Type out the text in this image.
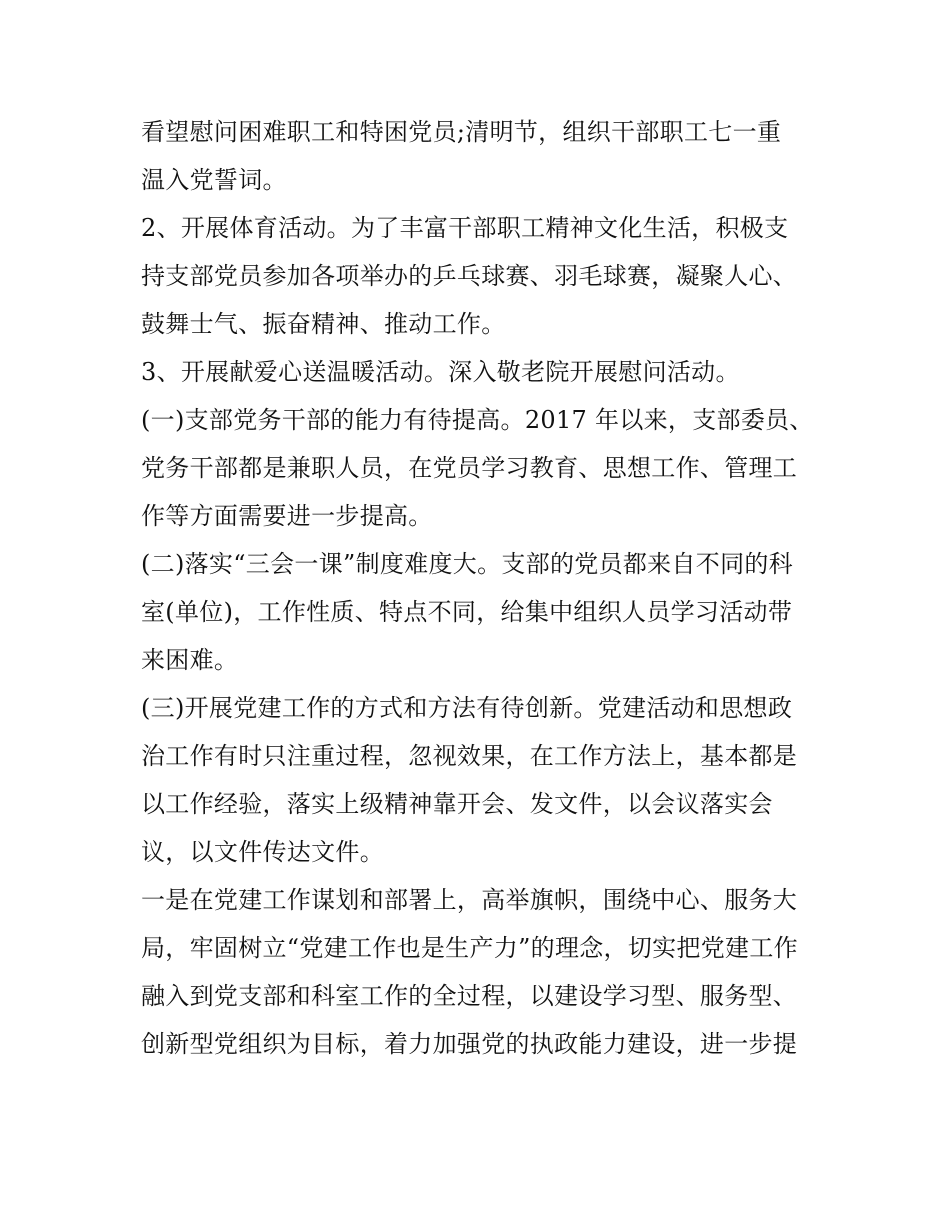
看望慰问困难职工和特困党员;清明节，组织干部职工七一重
温入党誓词。
2、开展体育活动。为了丰富干部职工精神文化生活，积极支
持支部党员参加各项举办的乒乓球赛、羽毛球赛，凝聚人心、
鼓舞士气、振奋精神、推动工作。
3、开展献爱心送温暖活动。深入敬老院开展慰问活动。
(一)支部党务干部的能力有待提高。2017 年以来，支部委员、
党务干部都是兼职人员，在党员学习教育、思想工作、管理工
作等方面需要进一步提高。
(二)落实“三会一课”制度难度大。支部的党员都来自不同的科
室(单位)，工作性质、特点不同，给集中组织人员学习活动带
来困难。
(三)开展党建工作的方式和方法有待创新。党建活动和思想政
治工作有时只注重过程，忽视效果，在工作方法上，基本都是
以工作经验，落实上级精神靠开会、发文件，以会议落实会
议，以文件传达文件。
一是在党建工作谋划和部署上，高举旗帜，围绕中心、服务大
局，牢固树立“党建工作也是生产力”的理念，切实把党建工作
融入到党支部和科室工作的全过程，以建设学习型、服务型、
创新型党组织为目标，着力加强党的执政能力建设，进一步提
